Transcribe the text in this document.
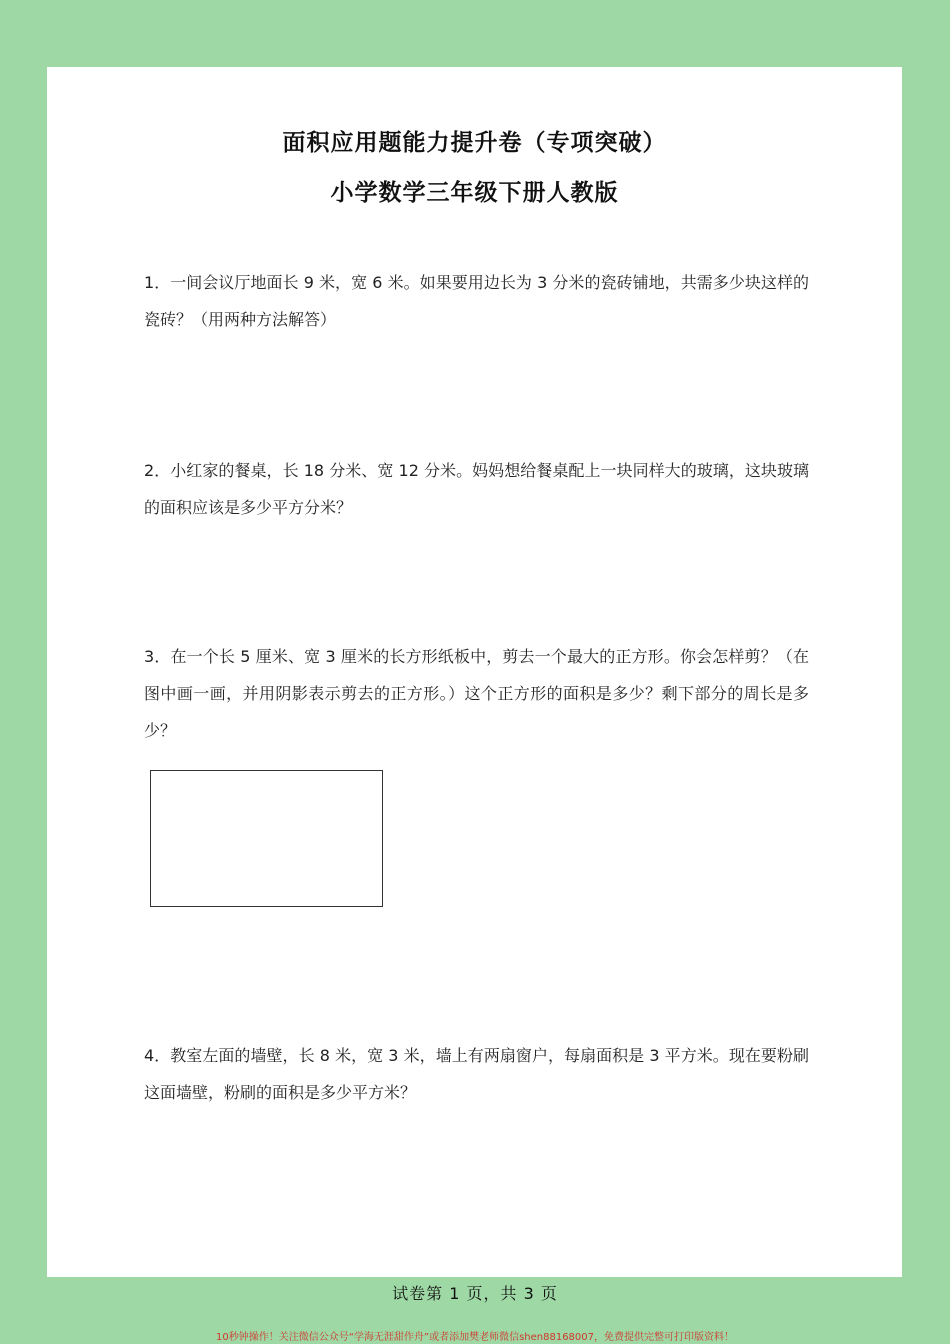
面积应用题能力提升卷（专项突破）
小学数学三年级下册人教版
1．一间会议厅地面长 9 米，宽 6 米。如果要用边长为 3 分米的瓷砖铺地，共需多少块这样的瓷砖？（用两种方法解答）
2．小红家的餐桌，长 18 分米、宽 12 分米。妈妈想给餐桌配上一块同样大的玻璃，这块玻璃的面积应该是多少平方分米？
3．在一个长 5 厘米、宽 3 厘米的长方形纸板中，剪去一个最大的正方形。你会怎样剪？（在图中画一画，并用阴影表示剪去的正方形。）这个正方形的面积是多少？剩下部分的周长是多少？
4．教室左面的墙壁，长 8 米，宽 3 米，墙上有两扇窗户，每扇面积是 3 平方米。现在要粉刷这面墙壁，粉刷的面积是多少平方米？
试卷第 1 页，共 3 页
10秒钟操作！关注微信公众号“学海无涯甜作舟”或者添加樊老师微信shen88168007，免费提供完整可打印版资料！
